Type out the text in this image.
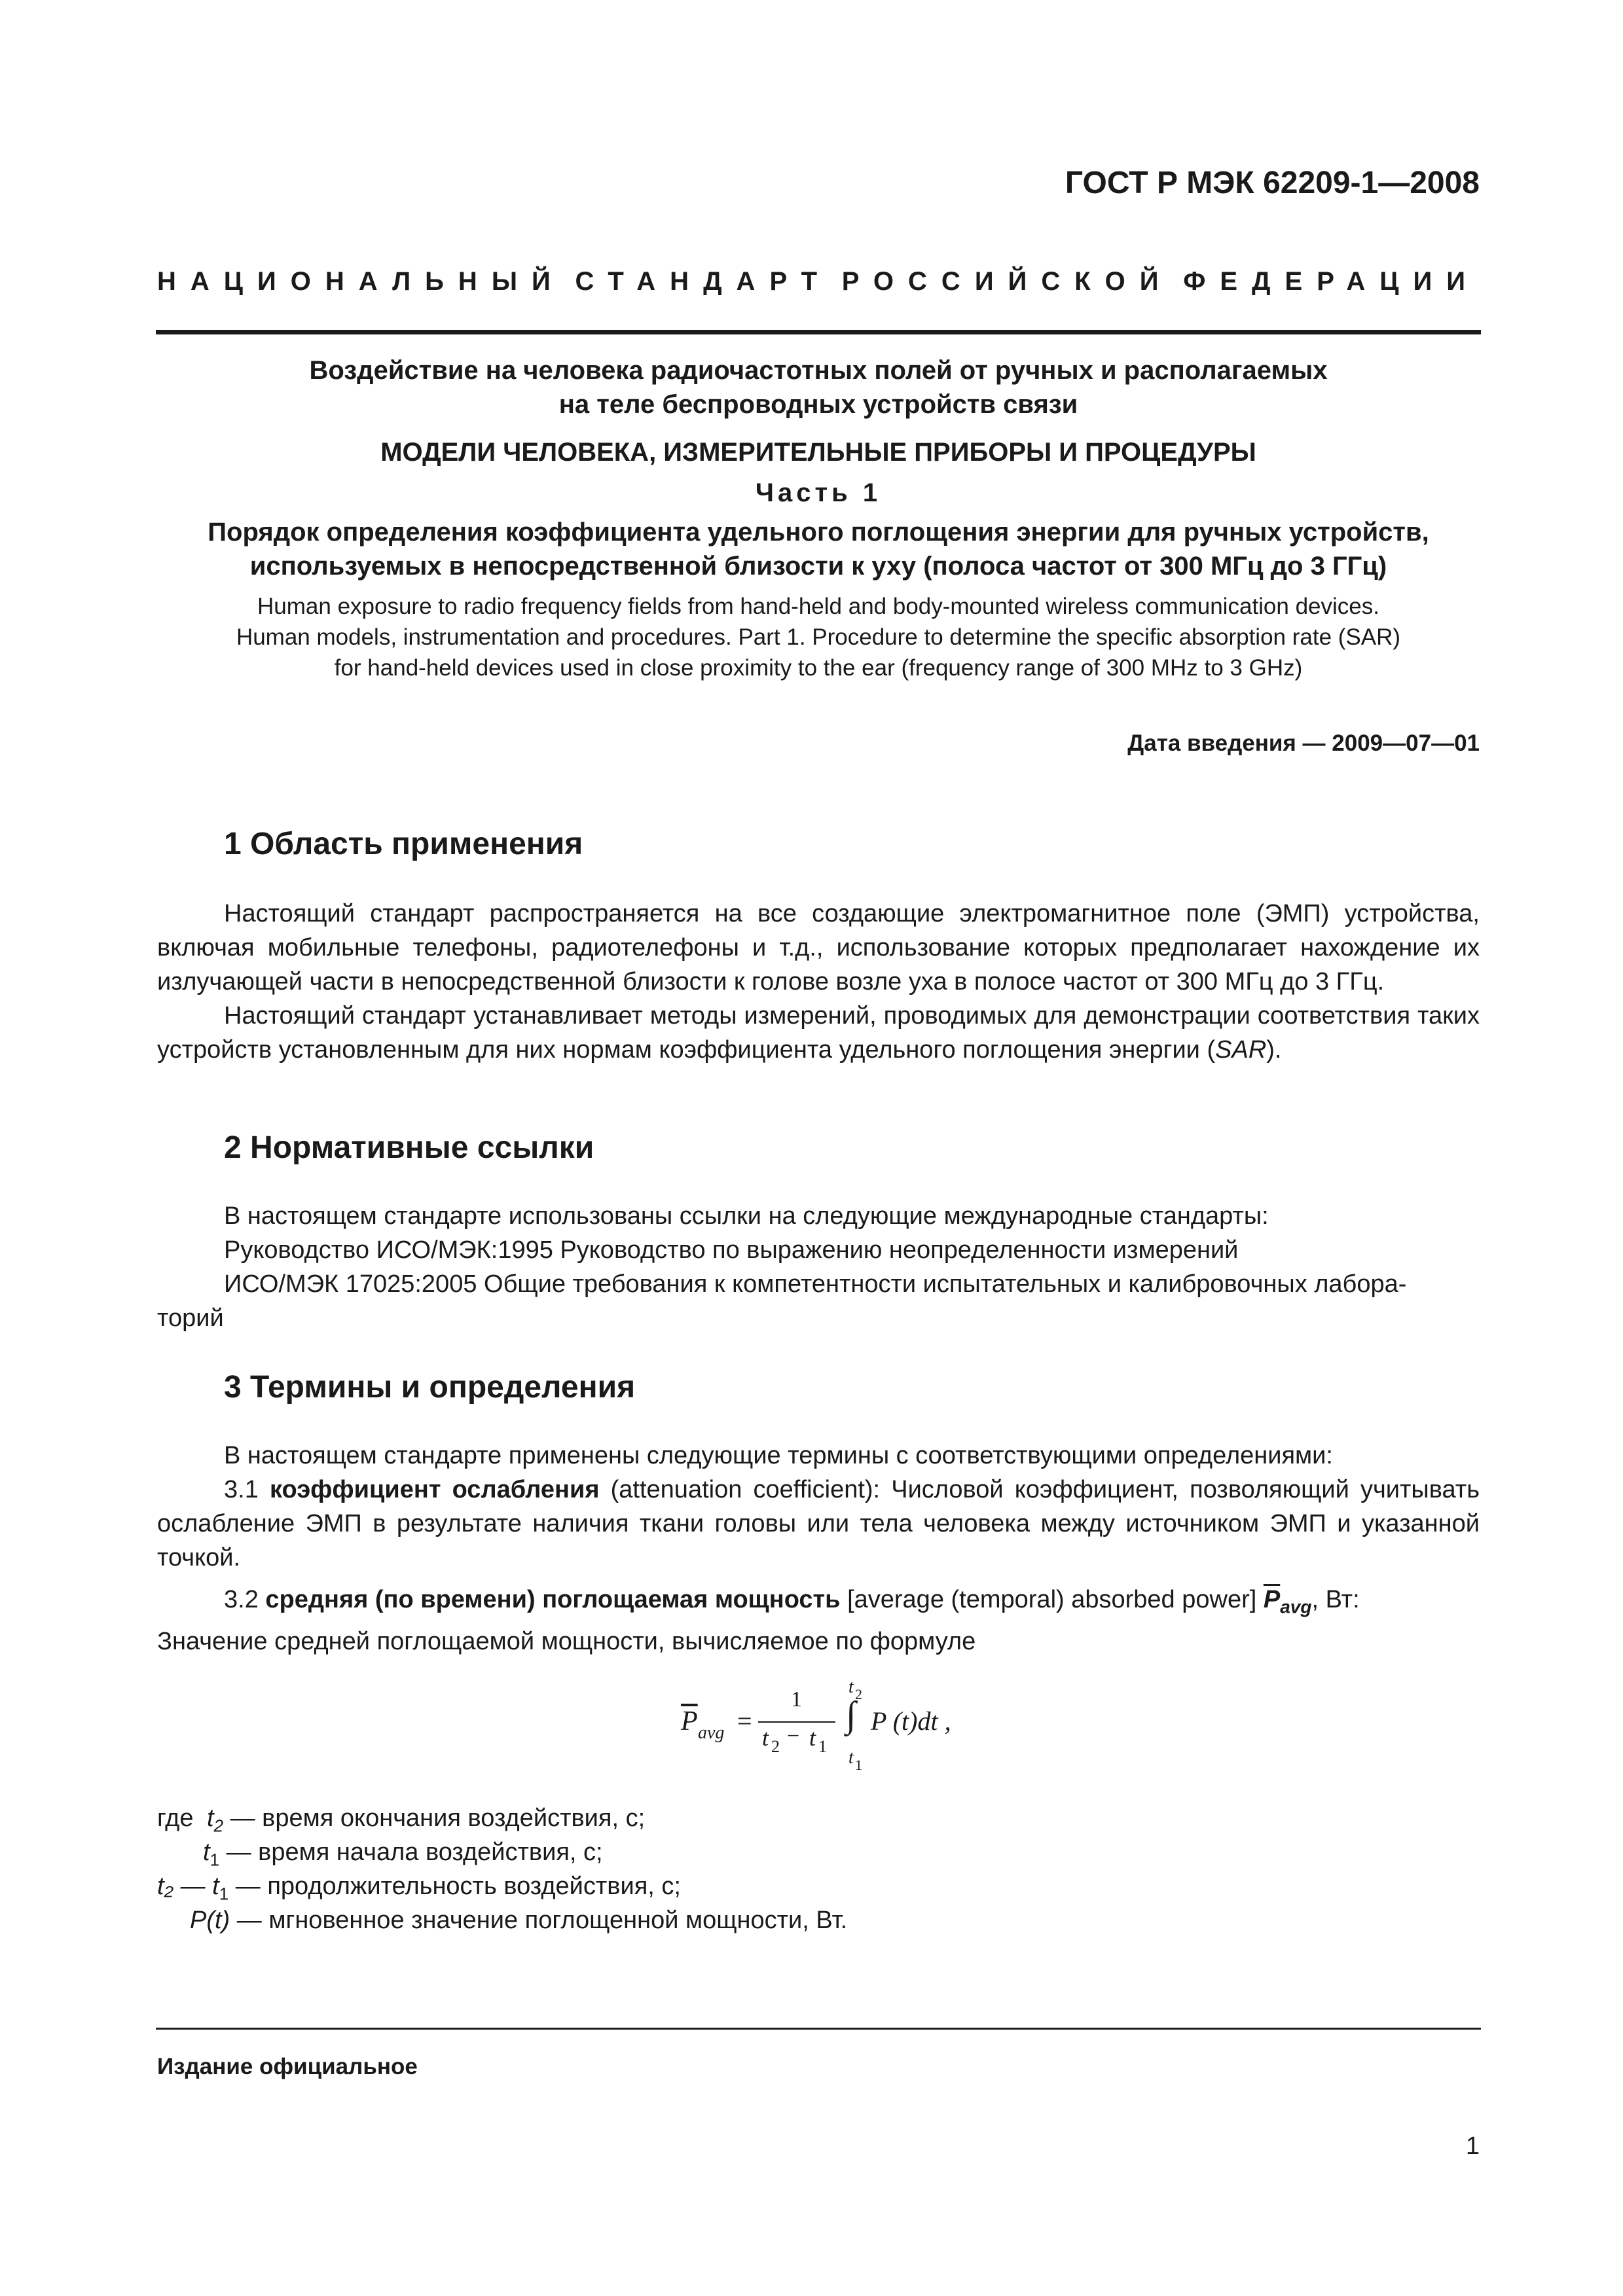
ГОСТ Р МЭК 62209-1—2008
НАЦИОНАЛЬНЫЙ СТАНДАРТ РОССИЙСКОЙ ФЕДЕРАЦИИ
Воздействие на человека радиочастотных полей от ручных и располагаемых
на теле беспроводных устройств связи
МОДЕЛИ ЧЕЛОВЕКА, ИЗМЕРИТЕЛЬНЫЕ ПРИБОРЫ И ПРОЦЕДУРЫ
Часть 1
Порядок определения коэффициента удельного поглощения энергии для ручных устройств,
используемых в непосредственной близости к уху (полоса частот от 300 МГц до 3 ГГц)
Human exposure to radio frequency fields from hand-held and body-mounted wireless communication devices.
Human models, instrumentation and procedures. Part 1. Procedure to determine the specific absorption rate (SAR)
for hand-held devices used in close proximity to the ear (frequency range of 300 MHz to 3 GHz)
Дата введения — 2009—07—01
1 Область применения

Настоящий стандарт распространяется на все создающие электромагнитное поле (ЭМП) устройства, включая мобильные телефоны, радиотелефоны и т.д., использование которых предполагает нахождение их излучающей части в непосредственной близости к голове возле уха в полосе частот от 300 МГц до 3 ГГц.

Настоящий стандарт устанавливает методы измерений, проводимых для демонстрации соответствия таких устройств установленным для них нормам коэффициента удельного поглощения энергии (SAR).

2 Нормативные ссылки

В настоящем стандарте использованы ссылки на следующие международные стандарты:

Руководство ИСО/МЭК:1995 Руководство по выражению неопределенности измерений

ИСО/МЭК 17025:2005 Общие требования к компетентности испытательных и калибровочных лабора-
торий

3 Термины и определения

В настоящем стандарте применены следующие термины с соответствующими определениями:

3.1 коэффициент ослабления (attenuation coefficient): Числовой коэффициент, позволяющий учитывать ослабление ЭМП в результате наличия ткани головы или тела человека между источником ЭМП и указанной точкой.

3.2 средняя (по времени) поглощаемая мощность [average (temporal) absorbed power] $\overline{P}_{avg}$, Вт:

Значение средней поглощаемой мощности, вычисляемое по формуле

$\overline{P}$ avg =
1
t 2 − t 1
t 2
∫
t 1
P (t)dt ,
где $t_2$ — время окончания воздействия, с;
$t_1$ — время начала воздействия, с;
t₂ — $t_1$ — продолжительность воздействия, с;
P(t) — мгновенное значение поглощенной мощности, Вт.
Издание официальное
1
